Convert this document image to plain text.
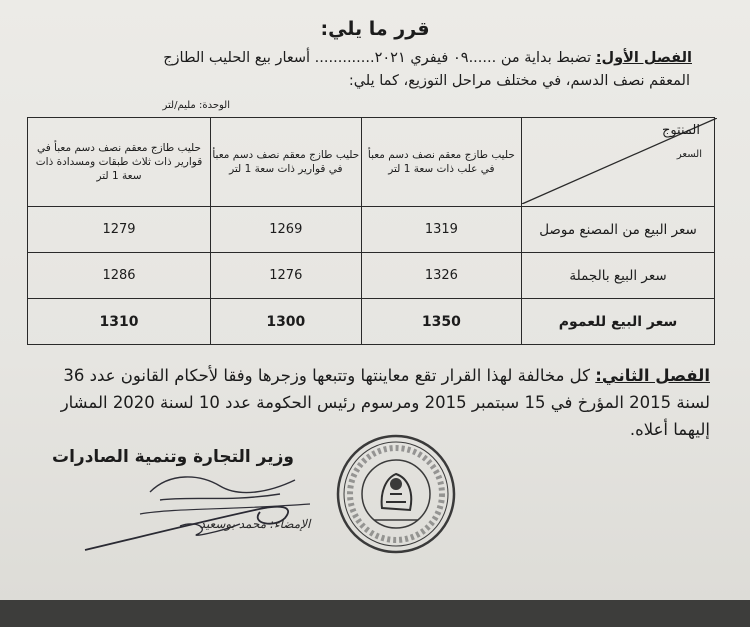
قرر ما يلي:
الفصل الأول: تضبط بداية من ......٠٩ فيفري ٢٠٢١............. أسعار بيع الحليب الطازج
المعقم نصف الدسم، في مختلف مراحل التوزيع، كما يلي:
الوحدة: مليم/لتر
المنتوج
السعر	حليب طازج معقم نصف دسم معبأ في علب ذات سعة 1 لتر	حليب طازج معقم نصف دسم معبأ في قوارير ذات سعة 1 لتر	حليب طازج معقم نصف دسم معبأ في قوارير ذات ثلاث طبقات ومسدادة ذات سعة 1 لتر
سعر البيع من المصنع موصل	1319	1269	1279
سعر البيع بالجملة	1326	1276	1286
سعر البيع للعموم	1350	1300	1310
الفصل الثاني: كل مخالفة لهذا القرار تقع معاينتها وتتبعها وزجرها وفقا لأحكام القانون عدد 36 لسنة 2015 المؤرخ في 15 سبتمبر 2015 ومرسوم رئيس الحكومة عدد 10 لسنة 2020 المشار إليهما أعلاه.
وزير التجارة وتنمية الصادرات
الإمضاء: محمد بوسعيد
